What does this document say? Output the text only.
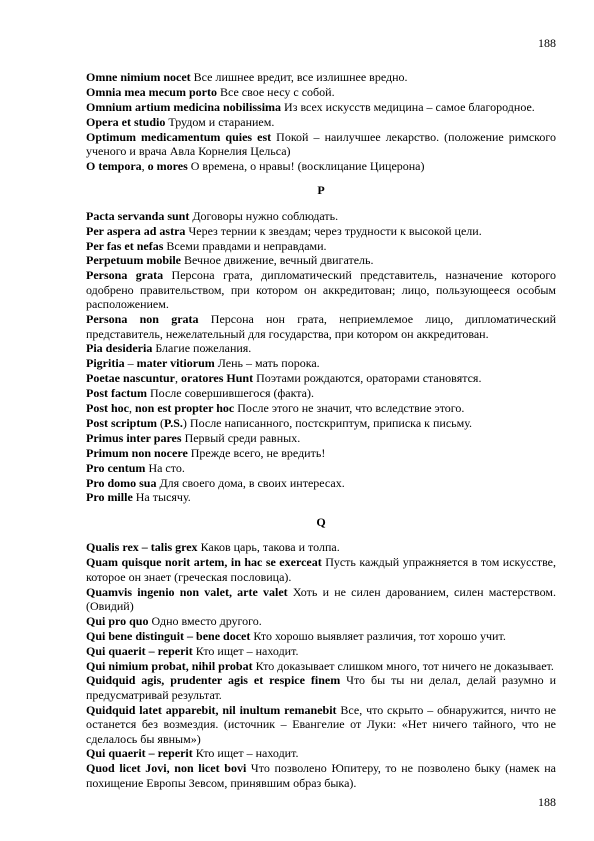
188
Omne nimium nocet Все лишнее вредит, все излишнее вредно.
Omnia mea mecum porto Все свое несу с собой.
Omnium artium medicina nobilissima Из всех искусств медицина – самое благородное.
Opera et studio Трудом и старанием.
Optimum medicamentum quies est Покой – наилучшее лекарство. (положение римского ученого и врача Авла Корнелия Цельса)
O tempora, o mores О времена, о нравы! (восклицание Цицерона)
P
Pacta servanda sunt Договоры нужно соблюдать.
Per aspera ad astra Через тернии к звездам; через трудности к высокой цели.
Per fas et nefas Всеми правдами и неправдами.
Perpetuum mobile Вечное движение, вечный двигатель.
Persona grata Персона грата, дипломатический представитель, назначение которого одобрено правительством, при котором он аккредитован; лицо, пользующееся особым расположением.
Persona non grata Персона нон грата, неприемлемое лицо, дипломатический представитель, нежелательный для государства, при котором он аккредитован.
Pia desideria Благие пожелания.
Pigritia – mater vitiorum Лень – мать порока.
Poetae nascuntur, oratores Hunt Поэтами рождаются, ораторами становятся.
Post factum После совершившегося (факта).
Post hoc, non est propter hoc После этого не значит, что вследствие этого.
Post scriptum (P.S.) После написанного, постскриптум, приписка к письму.
Primus inter pares Первый среди равных.
Primum non nocere Прежде всего, не вредить!
Pro centum На сто.
Pro domo sua Для своего дома, в своих интересах.
Pro mille На тысячу.
Q
Qualis rex – talis grex Каков царь, такова и толпа.
Quam quisque norit artem, in hac se exerceat Пусть каждый упражняется в том искусстве, которое он знает (греческая пословица).
Quamvis ingenio non valet, arte valet Хоть и не силен дарованием, силен мастерством. (Овидий)
Qui pro quo Одно вместо другого.
Qui bene distinguit – bene docet Кто хорошо выявляет различия, тот хорошо учит.
Qui quaerit – reperit Кто ищет – находит.
Qui nimium probat, nihil probat Кто доказывает слишком много, тот ничего не доказывает.
Quidquid agis, prudenter agis et respice finem Что бы ты ни делал, делай разумно и предусматривай результат.
Quidquid latet apparebit, nil inultum remanebit Все, что скрыто – обнаружится, ничто не останется без возмездия. (источник – Евангелие от Луки: «Нет ничего тайного, что не сделалось бы явным»)
Qui quaerit – reperit Кто ищет – находит.
Quod licet Jovi, non licet bovi Что позволено Юпитеру, то не позволено быку (намек на похищение Европы Зевсом, принявшим образ быка).
188
